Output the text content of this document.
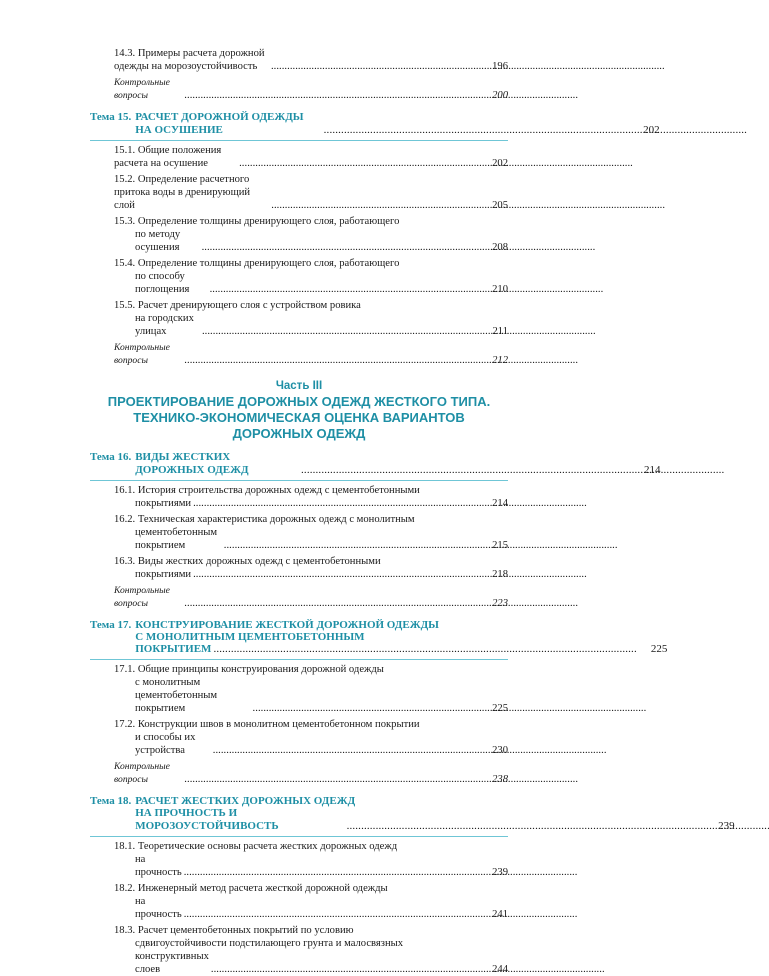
14.3. Примеры расчета дорожной одежды на морозоустойчивость . . .	196
Контрольные вопросы . . .	200
Тема 15. РАСЧЕТ ДОРОЖНОЙ ОДЕЖДЫ НА ОСУШЕНИЕ . . .	202
15.1. Общие положения расчета на осушение . . .	202
15.2. Определение расчетного притока воды в дренирующий слой . . .	205
15.3. Определение толщины дренирующего слоя, работающего
по методу осушения . . .	208
15.4. Определение толщины дренирующего слоя, работающего
по способу поглощения . . .	210
15.5. Расчет дренирующего слоя с устройством ровика
на городских улицах . . .	211
Контрольные вопросы . . .	212
Часть III
ПРОЕКТИРОВАНИЕ ДОРОЖНЫХ ОДЕЖД ЖЕСТКОГО ТИПА.
ТЕХНИКО-ЭКОНОМИЧЕСКАЯ ОЦЕНКА ВАРИАНТОВ
ДОРОЖНЫХ ОДЕЖД
Тема 16. ВИДЫ ЖЕСТКИХ ДОРОЖНЫХ ОДЕЖД . . .	214
16.1. История строительства дорожных одежд с цементобетонными
покрытиями . . .	214
16.2. Техническая характеристика дорожных одежд с монолитным
цементобетонным покрытием . . .	215
16.3. Виды жестких дорожных одежд с цементобетонными
покрытиями . . .	218
Контрольные вопросы . . .	223
Тема 17. КОНСТРУИРОВАНИЕ ЖЕСТКОЙ ДОРОЖНОЙ ОДЕЖДЫ
С МОНОЛИТНЫМ ЦЕМЕНТОБЕТОННЫМ
ПОКРЫТИЕМ . . .	225
17.1. Общие принципы конструирования дорожной одежды
с монолитным цементобетонным покрытием . . .	225
17.2. Конструкции швов в монолитном цементобетонном покрытии
и способы их устройства . . .	230
Контрольные вопросы . . .	238
Тема 18. РАСЧЕТ ЖЕСТКИХ ДОРОЖНЫХ ОДЕЖД
НА ПРОЧНОСТЬ И МОРОЗОУСТОЙЧИВОСТЬ . . .	239
18.1. Теоретические основы расчета жестких дорожных одежд
на прочность . . .	239
18.2. Инженерный метод расчета жесткой дорожной одежды
на прочность . . .	241
18.3. Расчет цементобетонных покрытий по условию
сдвигоустойчивости подстилающего грунта и малосвязных
конструктивных слоев . . .	244
